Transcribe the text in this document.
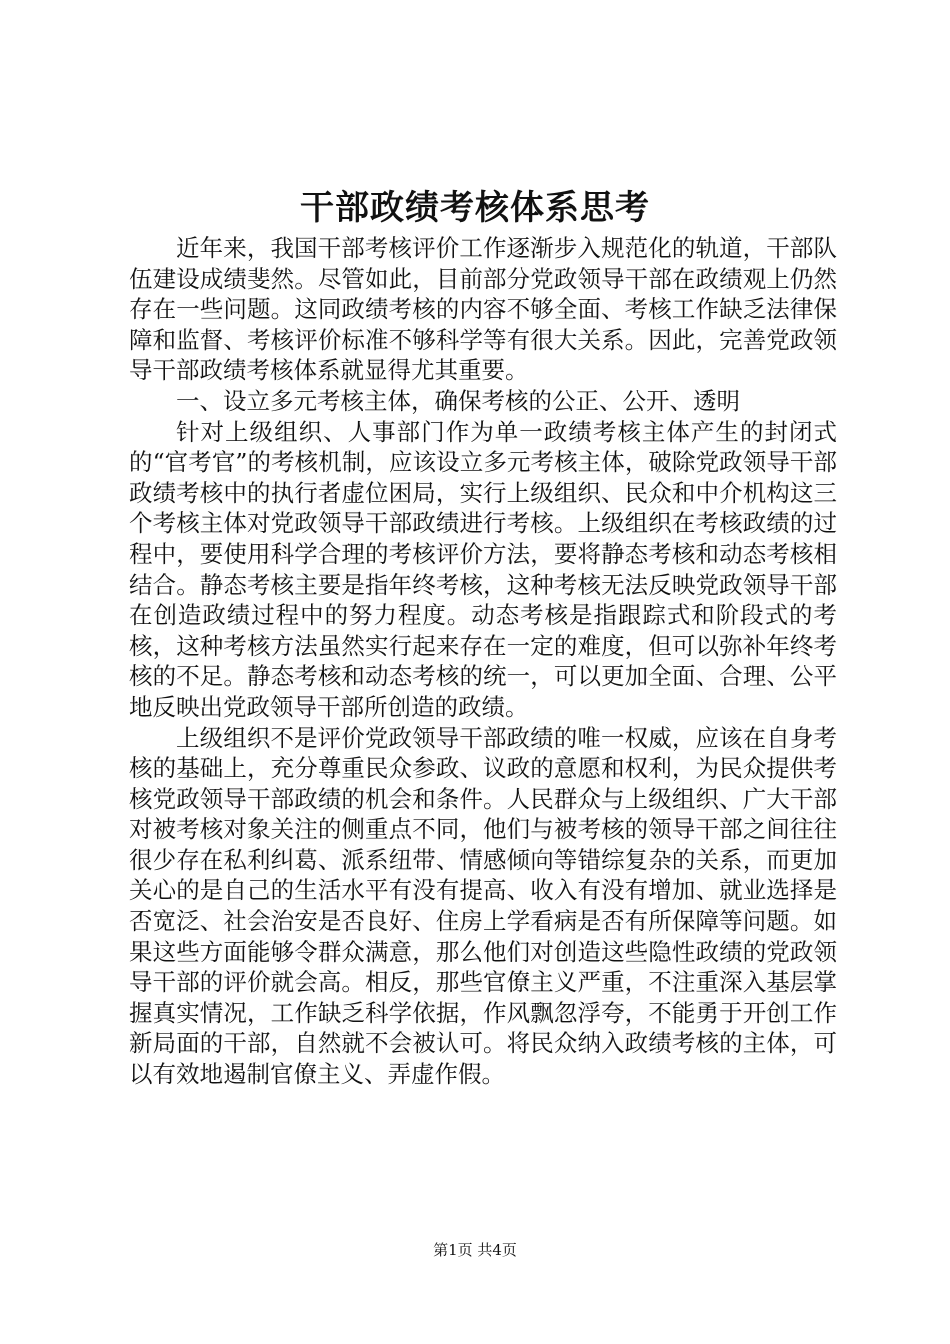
干部政绩考核体系思考

近年来，我国干部考核评价工作逐渐步入规范化的轨道，干部队伍建设成绩斐然。尽管如此，目前部分党政领导干部在政绩观上仍然存在一些问题。这同政绩考核的内容不够全面、考核工作缺乏法律保障和监督、考核评价标准不够科学等有很大关系。因此，完善党政领导干部政绩考核体系就显得尤其重要。

一、设立多元考核主体，确保考核的公正、公开、透明

针对上级组织、人事部门作为单一政绩考核主体产生的封闭式的“官考官”的考核机制，应该设立多元考核主体，破除党政领导干部政绩考核中的执行者虚位困局，实行上级组织、民众和中介机构这三个考核主体对党政领导干部政绩进行考核。上级组织在考核政绩的过程中，要使用科学合理的考核评价方法，要将静态考核和动态考核相结合。静态考核主要是指年终考核，这种考核无法反映党政领导干部在创造政绩过程中的努力程度。动态考核是指跟踪式和阶段式的考核，这种考核方法虽然实行起来存在一定的难度，但可以弥补年终考核的不足。静态考核和动态考核的统一，可以更加全面、合理、公平地反映出党政领导干部所创造的政绩。

上级组织不是评价党政领导干部政绩的唯一权威，应该在自身考核的基础上，充分尊重民众参政、议政的意愿和权利，为民众提供考核党政领导干部政绩的机会和条件。人民群众与上级组织、广大干部对被考核对象关注的侧重点不同，他们与被考核的领导干部之间往往很少存在私利纠葛、派系纽带、情感倾向等错综复杂的关系，而更加关心的是自己的生活水平有没有提高、收入有没有增加、就业选择是否宽泛、社会治安是否良好、住房上学看病是否有所保障等问题。如果这些方面能够令群众满意，那么他们对创造这些隐性政绩的党政领导干部的评价就会高。相反，那些官僚主义严重，不注重深入基层掌握真实情况，工作缺乏科学依据，作风飘忽浮夸，不能勇于开创工作新局面的干部，自然就不会被认可。将民众纳入政绩考核的主体，可以有效地遏制官僚主义、弄虚作假。

第1页 共4页
